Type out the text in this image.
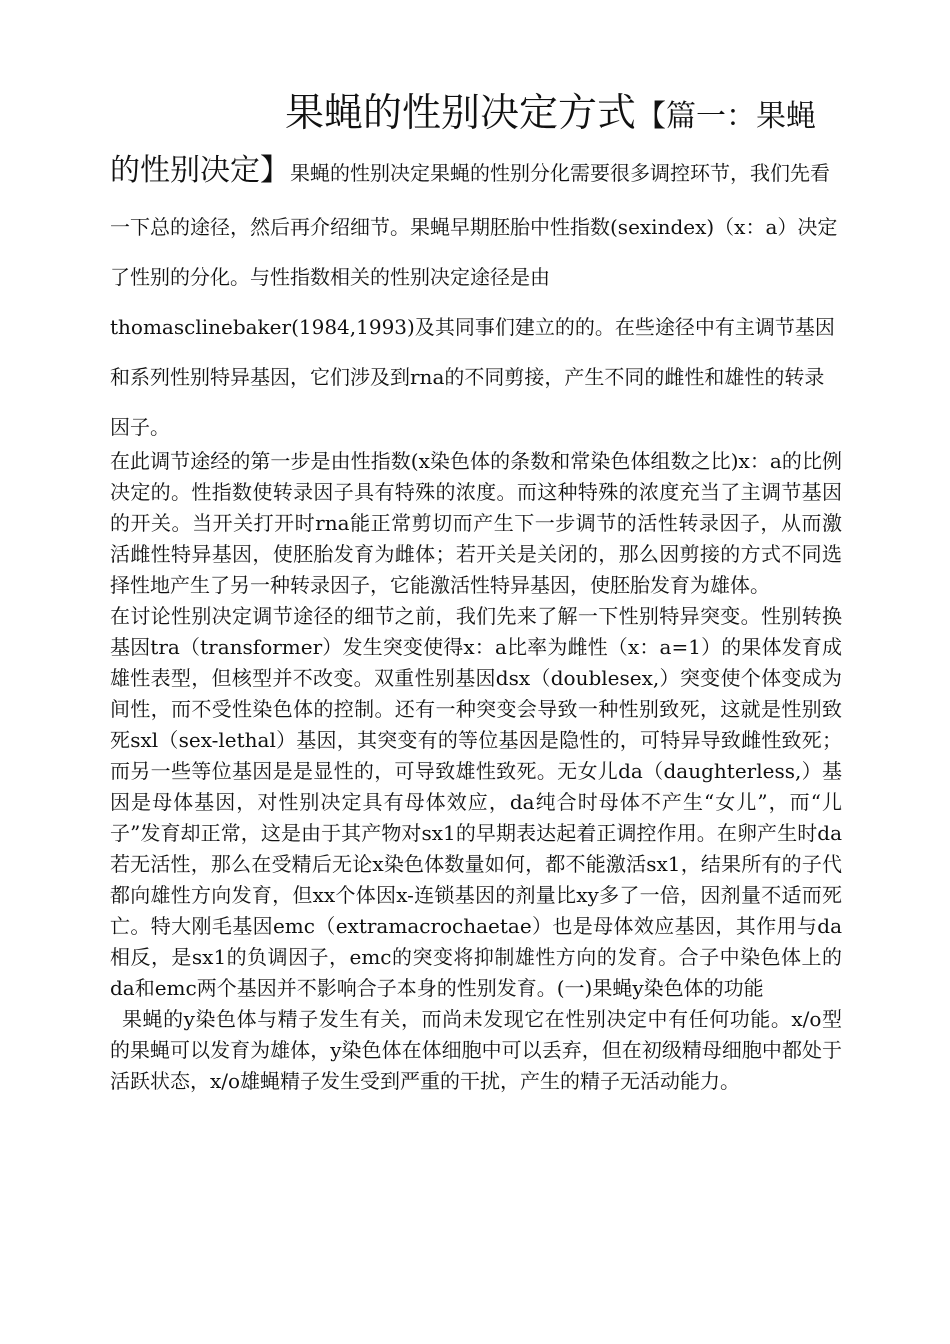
果蝇的性别决定方式【篇一：果蝇的性别决定】果蝇的性别决定果蝇的性别分化需要很多调控环节，我们先看一下总的途径，然后再介绍细节。果蝇早期胚胎中性指数(sexindex)（x：a）决定了性别的分化。与性指数相关的性别决定途径是由thomasclinebaker(1984,1993)及其同事们建立的的。在些途径中有主调节基因和系列性别特异基因，它们涉及到rna的不同剪接，产生不同的雌性和雄性的转录因子。

在此调节途经的第一步是由性指数(x染色体的条数和常染色体组数之比)x：a的比例决定的。性指数使转录因子具有特殊的浓度。而这种特殊的浓度充当了主调节基因的开关。当开关打开时rna能正常剪切而产生下一步调节的活性转录因子，从而激活雌性特异基因，使胚胎发育为雌体；若开关是关闭的，那么因剪接的方式不同选择性地产生了另一种转录因子，它能激活性特异基因，使胚胎发育为雄体。

在讨论性别决定调节途径的细节之前，我们先来了解一下性别特异突变。性别转换基因tra（transformer）发生突变使得x：a比率为雌性（x：a=1）的果体发育成雄性表型，但核型并不改变。双重性别基因dsx（doublesex,）突变使个体变成为间性，而不受性染色体的控制。还有一种突变会导致一种性别致死，这就是性别致死sxl（sex-lethal）基因，其突变有的等位基因是隐性的，可特异导致雌性致死；而另一些等位基因是是显性的，可导致雄性致死。无女儿da（daughterless,）基因是母体基因，对性别决定具有母体效应，da纯合时母体不产生“女儿”，而“儿子”发育却正常，这是由于其产物对sx1的早期表达起着正调控作用。在卵产生时da若无活性，那么在受精后无论x染色体数量如何，都不能激活sx1，结果所有的子代都向雄性方向发育，但xx个体因x-连锁基因的剂量比xy多了一倍，因剂量不适而死亡。特大刚毛基因emc（extramacrochaetae）也是母体效应基因，其作用与da相反，是sx1的负调因子，emc的突变将抑制雄性方向的发育。合子中染色体上的da和emc两个基因并不影响合子本身的性别发育。(一)果蝇y染色体的功能

果蝇的y染色体与精子发生有关，而尚未发现它在性别决定中有任何功能。x/o型的果蝇可以发育为雄体，y染色体在体细胞中可以丢弃，但在初级精母细胞中都处于活跃状态，x/o雄蝇精子发生受到严重的干扰，产生的精子无活动能力。
